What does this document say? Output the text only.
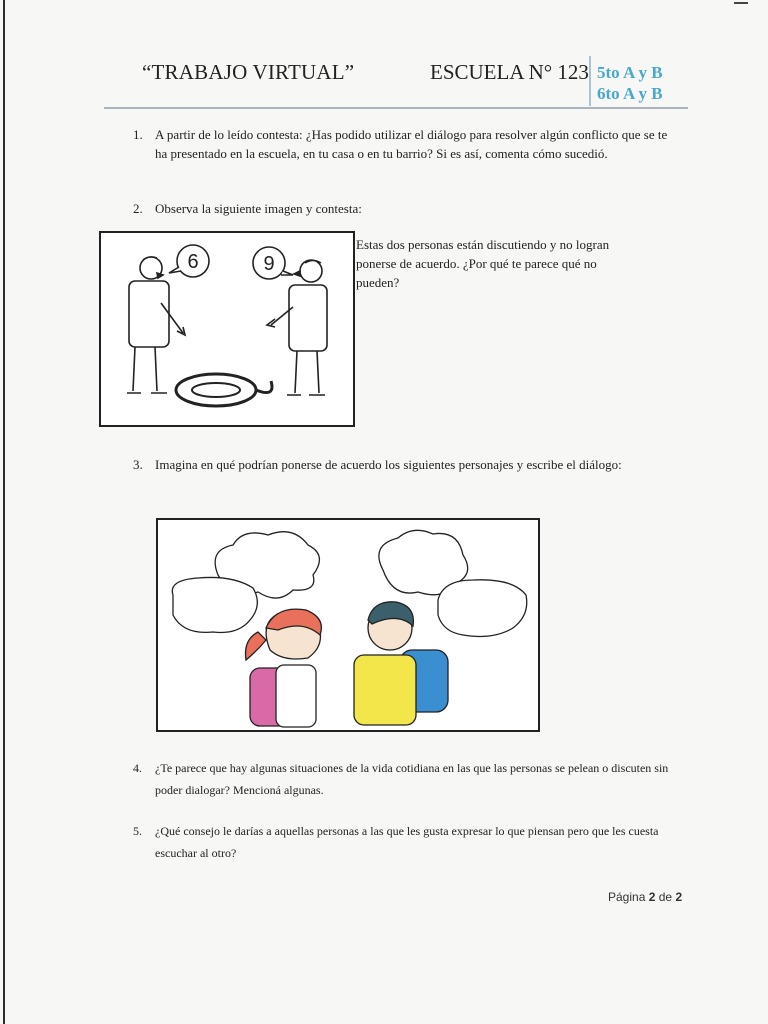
“TRABAJO VIRTUAL”	ESCUELA N° 123 5to A y B
6to A y B
1. A partir de lo leído contesta: ¿Has podido utilizar el diálogo para resolver algún conflicto que se te ha presentado en la escuela, en tu casa o en tu barrio? Si es así, comenta cómo sucedió.
2. Observa la siguiente imagen y contesta:
6	9
Estas dos personas están discutiendo y no logran ponerse de acuerdo. ¿Por qué te parece qué no pueden?
3. Imagina en qué podrían ponerse de acuerdo los siguientes personajes y escribe el diálogo:
4.	¿Te parece que hay algunas situaciones de la vida cotidiana en las que las personas se pelean o discuten sin poder dialogar? Mencioná algunas.
5.	¿Qué consejo le darías a aquellas personas a las que les gusta expresar lo que piensan pero que les cuesta escuchar al otro?
Página 2 de 2
